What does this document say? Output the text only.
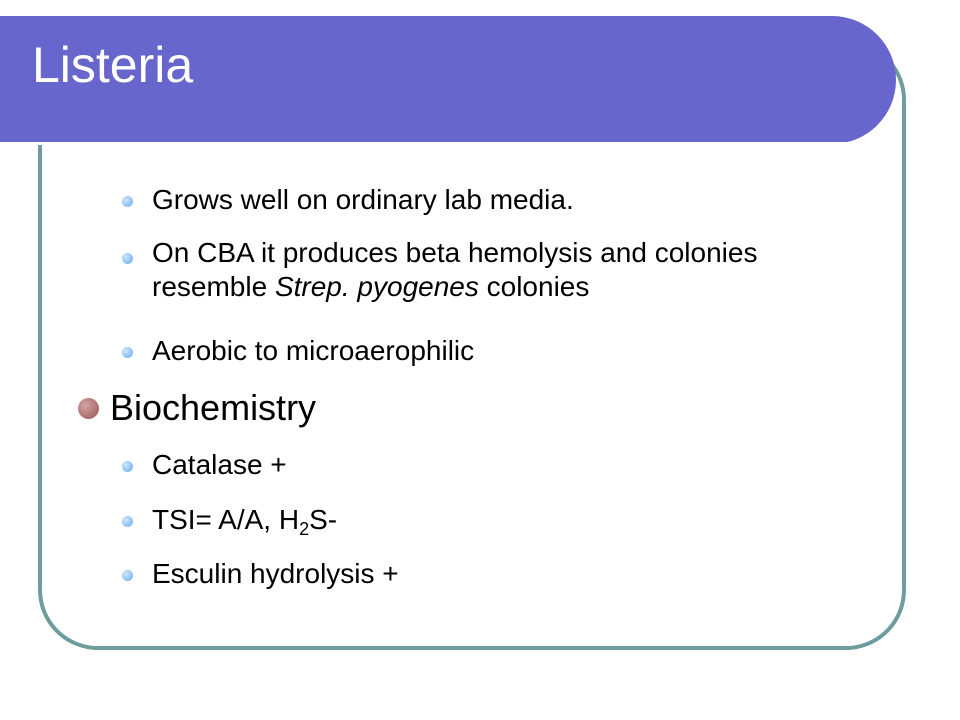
Listeria
Grows well on ordinary lab media.
On CBA it produces beta hemolysis and colonies resemble Strep. pyogenes colonies
Aerobic to microaerophilic
Biochemistry
Catalase +
TSI= A/A, $H_2S-$
Esculin hydrolysis +
